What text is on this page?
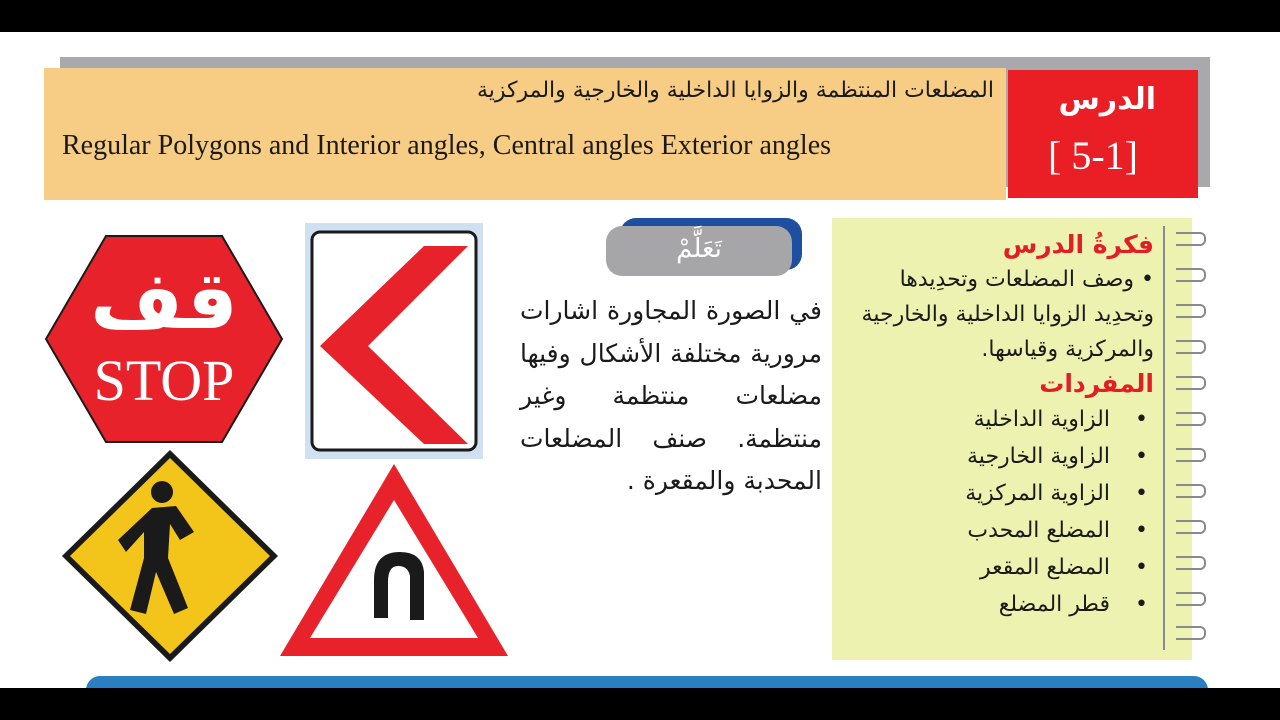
المضلعات المنتظمة والزوايا الداخلية والخارجية والمركزية
Regular Polygons and Interior angles, Central angles Exterior angles
الدرس
[ 5-1]
قف
STOP
تَعَلَّمْ
في الصورة المجاورة اشارات مرورية مختلفة الأشكال وفيها مضلعات منتظمة وغير منتظمة. صنف المضلعات المحدبة والمقعرة .
فكرةُ الدرس
• وصف المضلعات وتحدِيدها وتحدِيد الزوايا الداخلية والخارجية والمركزية وقياسها.
المفردات
• الزاوية الداخلية
• الزاوية الخارجية
• الزاوية المركزية
• المضلع المحدب
• المضلع المقعر
• قطر المضلع
